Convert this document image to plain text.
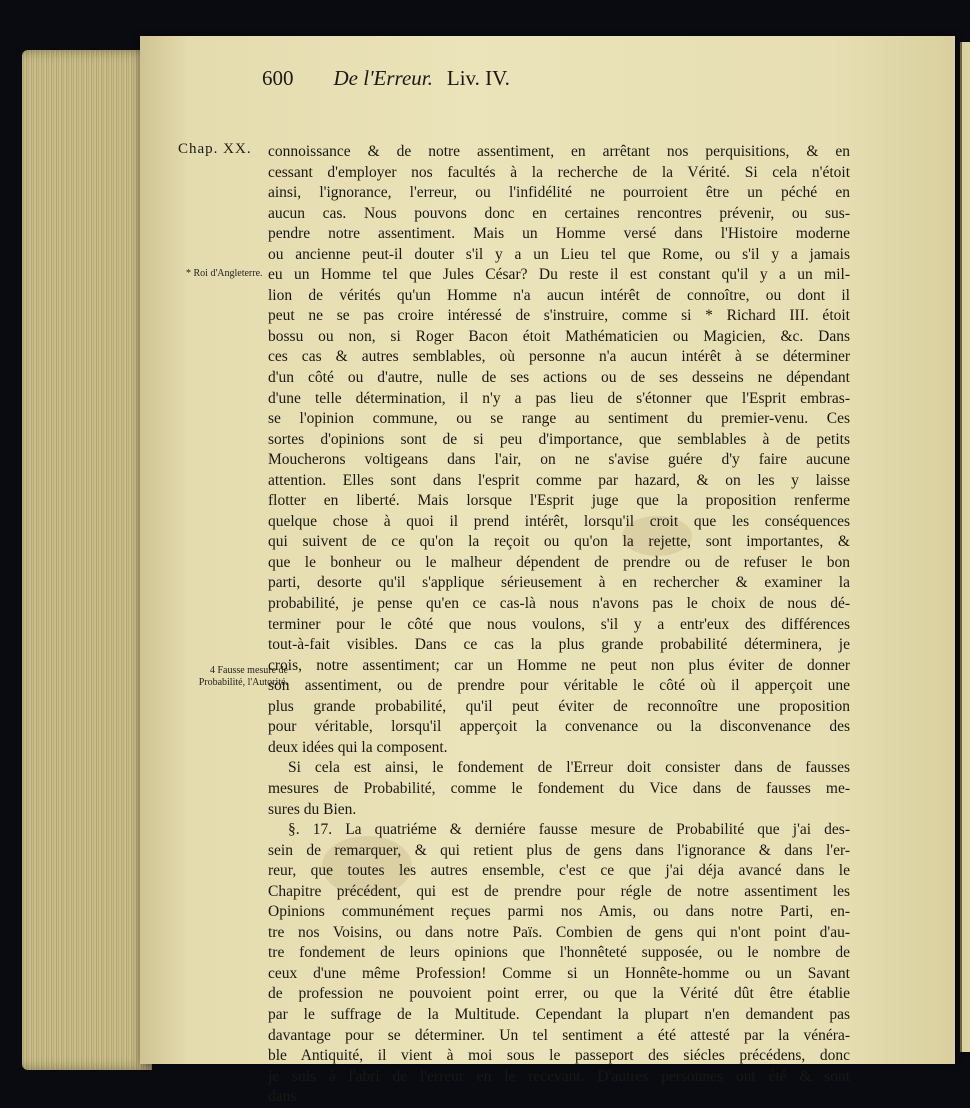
600 De l'Erreur. Liv. IV.
Chap. XX.
* Roi d'Angleterre.
4 Fausse mesure de Probabilité, l'Autorité.
connoissance & de notre assentiment, en arrêtant nos perquisitions, & en
cessant d'employer nos facultés à la recherche de la Vérité. Si cela n'étoit
ainsi, l'ignorance, l'erreur, ou l'infidélité ne pourroient être un péché en
aucun cas. Nous pouvons donc en certaines rencontres prévenir, ou sus-
pendre notre assentiment. Mais un Homme versé dans l'Histoire moderne
ou ancienne peut-il douter s'il y a un Lieu tel que Rome, ou s'il y a jamais
eu un Homme tel que Jules César? Du reste il est constant qu'il y a un mil-
lion de vérités qu'un Homme n'a aucun intérêt de connoître, ou dont il
peut ne se pas croire intéressé de s'instruire, comme si * Richard III. étoit
bossu ou non, si Roger Bacon étoit Mathématicien ou Magicien, &c. Dans
ces cas & autres semblables, où personne n'a aucun intérêt à se déterminer
d'un côté ou d'autre, nulle de ses actions ou de ses desseins ne dépendant
d'une telle détermination, il n'y a pas lieu de s'étonner que l'Esprit embras-
se l'opinion commune, ou se range au sentiment du premier-venu. Ces
sortes d'opinions sont de si peu d'importance, que semblables à de petits
Moucherons voltigeans dans l'air, on ne s'avise guére d'y faire aucune
attention. Elles sont dans l'esprit comme par hazard, & on les y laisse
flotter en liberté. Mais lorsque l'Esprit juge que la proposition renferme
quelque chose à quoi il prend intérêt, lorsqu'il croit que les conséquences
qui suivent de ce qu'on la reçoit ou qu'on la rejette, sont importantes, &
que le bonheur ou le malheur dépendent de prendre ou de refuser le bon
parti, desorte qu'il s'applique sérieusement à en rechercher & examiner la
probabilité, je pense qu'en ce cas-là nous n'avons pas le choix de nous dé-
terminer pour le côté que nous voulons, s'il y a entr'eux des différences
tout-à-fait visibles. Dans ce cas la plus grande probabilité déterminera, je
crois, notre assentiment; car un Homme ne peut non plus éviter de donner
son assentiment, ou de prendre pour véritable le côté où il apperçoit une
plus grande probabilité, qu'il peut éviter de reconnoître une proposition
pour véritable, lorsqu'il apperçoit la convenance ou la disconvenance des
deux idées qui la composent.
Si cela est ainsi, le fondement de l'Erreur doit consister dans de fausses
mesures de Probabilité, comme le fondement du Vice dans de fausses me-
sures du Bien.
§. 17. La quatriéme & derniére fausse mesure de Probabilité que j'ai des-
sein de remarquer, & qui retient plus de gens dans l'ignorance & dans l'er-
reur, que toutes les autres ensemble, c'est ce que j'ai déja avancé dans le
Chapitre précédent, qui est de prendre pour régle de notre assentiment les
Opinions communément reçues parmi nos Amis, ou dans notre Parti, en-
tre nos Voisins, ou dans notre Païs. Combien de gens qui n'ont point d'au-
tre fondement de leurs opinions que l'honnêteté supposée, ou le nombre de
ceux d'une même Profession! Comme si un Honnête-homme ou un Savant
de profession ne pouvoient point errer, ou que la Vérité dût être établie
par le suffrage de la Multitude. Cependant la plupart n'en demandent pas
davantage pour se déterminer. Un tel sentiment a été attesté par la vénéra-
ble Antiquité, il vient à moi sous le passeport des siécles précédens, donc
je suis à l'abri de l'erreur en le recevant. D'autres personnes ont été & sont
dans
